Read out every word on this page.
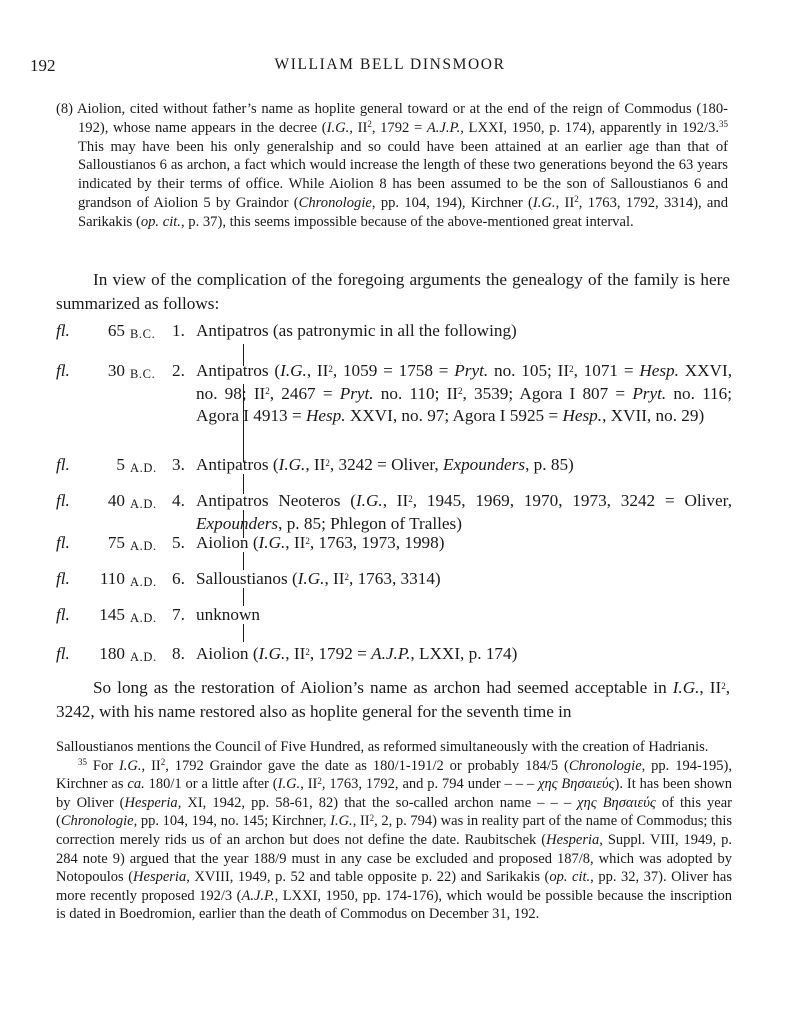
192	WILLIAM BELL DINSMOOR
(8) Aiolion, cited without father’s name as hoplite general toward or at the end of the reign of Commodus (180-192), whose name appears in the decree (I.G., $II^2$, 1792 = A.J.P., LXXI, 1950, p. 174), apparently in 192/3.35 This may have been his only generalship and so could have been attained at an earlier age than that of Salloustianos 6 as archon, a fact which would increase the length of these two generations beyond the 63 years indicated by their terms of office. While Aiolion 8 has been assumed to be the son of Salloustianos 6 and grandson of Aiolion 5 by Graindor (Chronologie, pp. 104, 194), Kirchner (I.G., $II^2$, 1763, 1792, 3314), and Sarikakis (op. cit., p. 37), this seems impossible because of the above-mentioned great interval.

In view of the complication of the foregoing arguments the genealogy of the family is here summarized as follows:

fl.	65 B.C. 1. Antipatros (as patronymic in all the following)
fl.	30 B.C. 2. Antipatros (I.G., $II^2$, 1059 = 1758 = Pryt. no. 105; $II^2$, 1071 = Hesp. XXVI, no. 98; $II^2$, 2467 = Pryt. no. 110; $II^2$, 3539; Agora I 807 = Pryt. no. 116; Agora I 4913 = Hesp. XXVI, no. 97; Agora I 5925 = Hesp., XVII, no. 29)
fl.	5 A.D. 3. Antipatros (I.G., $II^2$, 3242 = Oliver, Expounders, p. 85)
fl.	40 A.D. 4. Antipatros Neoteros (I.G., $II^2$, 1945, 1969, 1970, 1973, 3242 = Oliver, Expounders, p. 85; Phlegon of Tralles)
fl.	75 A.D. 5. Aiolion (I.G., $II^2$, 1763, 1973, 1998)
fl.	110 A.D. 6. Salloustianos (I.G., $II^2$, 1763, 3314)
fl.	145 A.D. 7. unknown
fl.	180 A.D. 8. Aiolion (I.G., $II^2$, 1792 = A.J.P., LXXI, p. 174)

So long as the restoration of Aiolion’s name as archon had seemed acceptable in I.G., $II^2$, 3242, with his name restored also as hoplite general for the seventh time in

Salloustianos mentions the Council of Five Hundred, as reformed simultaneously with the creation of Hadrianis.

$^{35}$ For I.G., $II^2$, 1792 Graindor gave the date as 180/1-191/2 or probably 184/5 (Chronologie, pp. 194-195), Kirchner as ca. 180/1 or a little after (I.G., $II^2$, 1763, 1792, and p. 794 under – – – χης Βησαιεύς). It has been shown by Oliver (Hesperia, XI, 1942, pp. 58-61, 82) that the so-called archon name – – – χης Βησαιεύς of this year (Chronologie, pp. 104, 194, no. 145; Kirchner, I.G., $II^2$, 2, p. 794) was in reality part of the name of Commodus; this correction merely rids us of an archon but does not define the date. Raubitschek (Hesperia, Suppl. VIII, 1949, p. 284 note 9) argued that the year 188/9 must in any case be excluded and proposed 187/8, which was adopted by Notopoulos (Hesperia, XVIII, 1949, p. 52 and table opposite p. 22) and Sarikakis (op. cit., pp. 32, 37). Oliver has more recently proposed 192/3 (A.J.P., LXXI, 1950, pp. 174-176), which would be possible because the inscription is dated in Boedromion, earlier than the death of Commodus on December 31, 192.
